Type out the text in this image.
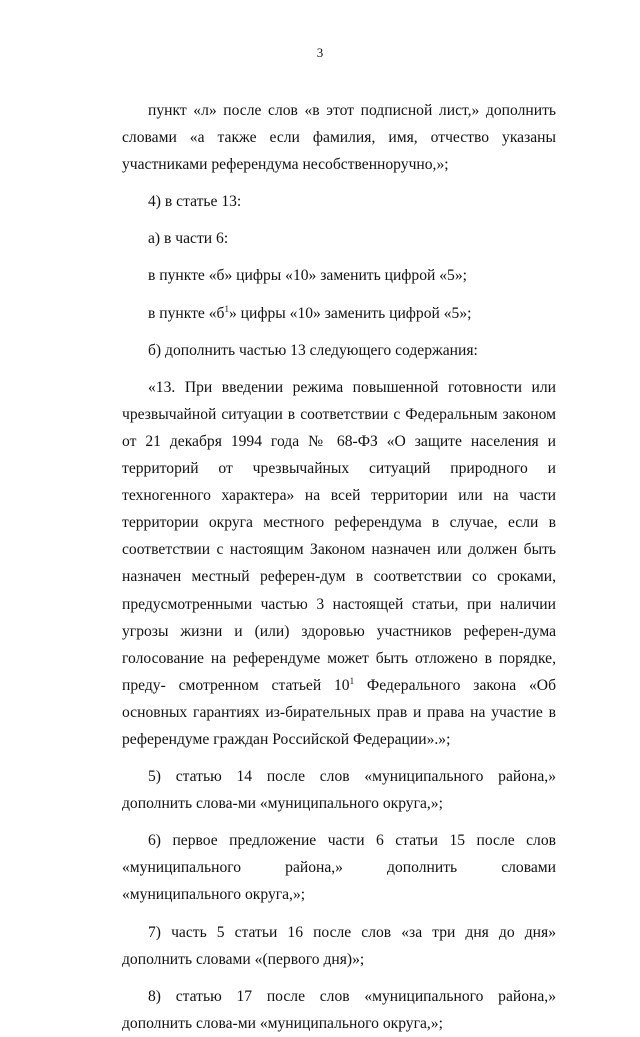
3

пункт «л» после слов «в этот подписной лист,» дополнить словами «а также если фамилия, имя, отчество указаны участниками референдума несобственноручно,»;

4) в статье 13:

а) в части 6:

в пункте «б» цифры «10» заменить цифрой «5»;

в пункте «$б^1$» цифры «10» заменить цифрой «5»;

б) дополнить частью 13 следующего содержания:

«13. При введении режима повышенной готовности или чрезвычайной ситуации в соответствии с Федеральным законом от 21 декабря 1994 года № 68-ФЗ «О защите населения и территорий от чрезвычайных ситуаций природного и техногенного характера» на всей территории или на части территории округа местного референдума в случае, если в соответствии с настоящим Законом назначен или должен быть назначен местный референ-дум в соответствии со сроками, предусмотренными частью 3 настоящей статьи, при наличии угрозы жизни и (или) здоровью участников референ-дума голосование на референдуме может быть отложено в порядке, преду- смотренном статьей $10^1$ Федерального закона «Об основных гарантиях из-бирательных прав и права на участие в референдуме граждан Российской Федерации».»;

5) статью 14 после слов «муниципального района,» дополнить слова-ми «муниципального округа,»;

6) первое предложение части 6 статьи 15 после слов «муниципального района,» дополнить словами «муниципального округа,»;

7) часть 5 статьи 16 после слов «за три дня до дня» дополнить словами «(первого дня)»;

8) статью 17 после слов «муниципального района,» дополнить слова-ми «муниципального округа,»;
